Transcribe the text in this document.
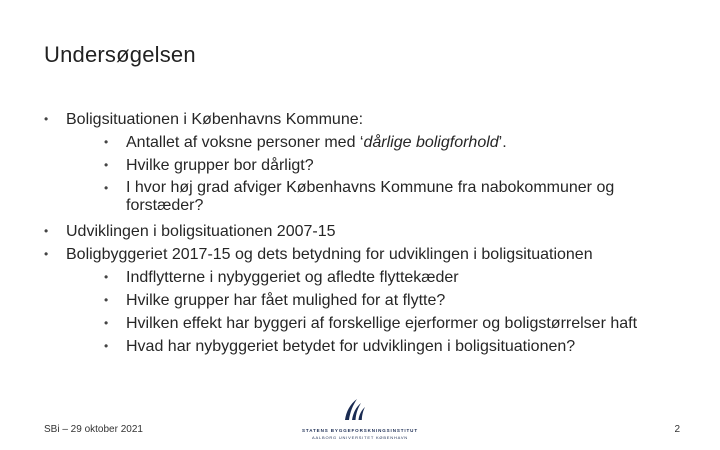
Undersøgelsen
• Boligsituationen i Københavns Kommune:
• Antallet af voksne personer med ‘dårlige boligforhold’.
• Hvilke grupper bor dårligt?
• I hvor høj grad afviger Københavns Kommune fra nabokommuner og forstæder?
• Udviklingen i boligsituationen 2007-15
• Boligbyggeriet 2017-15 og dets betydning for udviklingen i boligsituationen
• Indflytterne i nybyggeriet og afledte flyttekæder
• Hvilke grupper har fået mulighed for at flytte?
• Hvilken effekt har byggeri af forskellige ejerformer og boligstørrelser haft
• Hvad har nybyggeriet betydet for udviklingen i boligsituationen?
SBi – 29 oktober 2021	STATENS BYGGEFORSKNINGSINSTITUT
AALBORG UNIVERSITET KØBENHAVN
2
